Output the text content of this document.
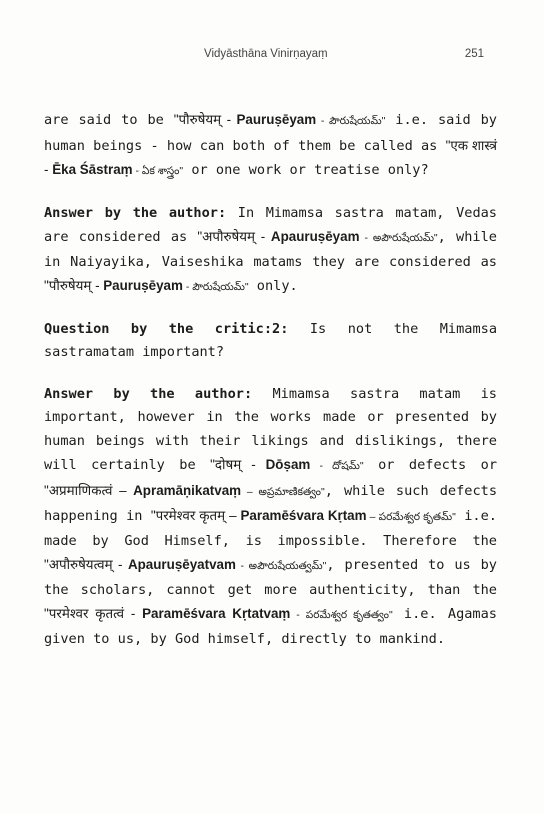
Vidyāsthāna Vinirṇayaṃ	251

are said to be "पौरुषेयम् - Pauruṣēyam - పౌరుషేయమ్" i.e. said by human beings - how can both of them be called as "एक शास्त्रं - Ēka Śāstraṃ - ఏక శాస్త్రం" or one work or treatise only?

Answer by the author: In Mimamsa sastra matam, Vedas are considered as "अपौरुषेयम् - Apauruṣēyam - అపౌరుషేయమ్", while in Naiyayika, Vaiseshika matams they are considered as "पौरुषेयम् - Pauruṣēyam - పౌరుషేయమ్" only.

Question by the critic:2: Is not the Mimamsa sastramatam important?

Answer by the author: Mimamsa sastra matam is important, however in the works made or presented by human beings with their likings and dislikings, there will certainly be "दोषम् - Dōṣam - దోషమ్" or defects or "अप्रमाणिकत्वं – Apramāṇikatvaṃ – అప్రమాణికత్వం", while such defects happening in "परमेश्वर कृतम् – Paramēśvara Kṛtam – పరమేశ్వర కృతమ్" i.e. made by God Himself, is impossible. Therefore the "अपौरुषेयत्वम् - Apauruṣēyatvam - అపౌరుషేయత్వమ్", presented to us by the scholars, cannot get more authenticity, than the "परमेश्वर कृतत्वं - Paramēśvara Kṛtatvaṃ - పరమేశ్వర కృతత్వం" i.e. Agamas given to us, by God himself, directly to mankind.
